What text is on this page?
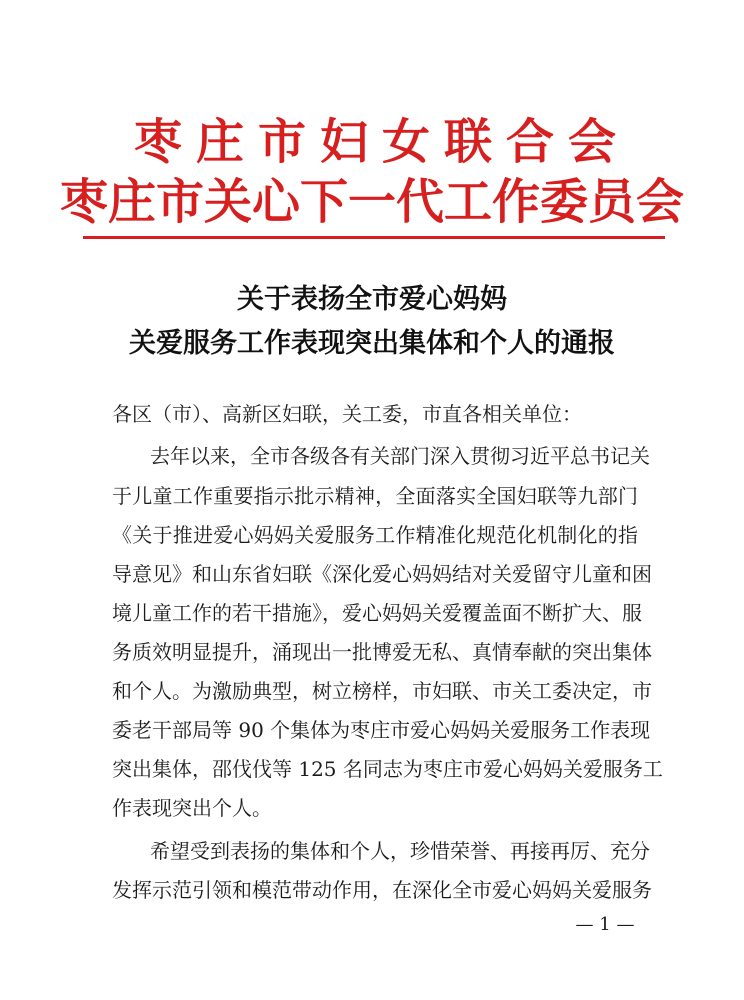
枣庄市妇女联合会
枣庄市关心下一代工作委员会
关于表扬全市爱心妈妈
关爱服务工作表现突出集体和个人的通报
各区（市）、高新区妇联，关工委，市直各相关单位：
去年以来，全市各级各有关部门深入贯彻习近平总书记关
于儿童工作重要指示批示精神，全面落实全国妇联等九部门
《关于推进爱心妈妈关爱服务工作精准化规范化机制化的指
导意见》和山东省妇联《深化爱心妈妈结对关爱留守儿童和困
境儿童工作的若干措施》，爱心妈妈关爱覆盖面不断扩大、服
务质效明显提升，涌现出一批博爱无私、真情奉献的突出集体
和个人。为激励典型，树立榜样，市妇联、市关工委决定，市
委老干部局等 90 个集体为枣庄市爱心妈妈关爱服务工作表现
突出集体，邵伐伐等 125 名同志为枣庄市爱心妈妈关爱服务工
作表现突出个人。
希望受到表扬的集体和个人，珍惜荣誉、再接再厉、充分
发挥示范引领和模范带动作用，在深化全市爱心妈妈关爱服务
— 1 —
